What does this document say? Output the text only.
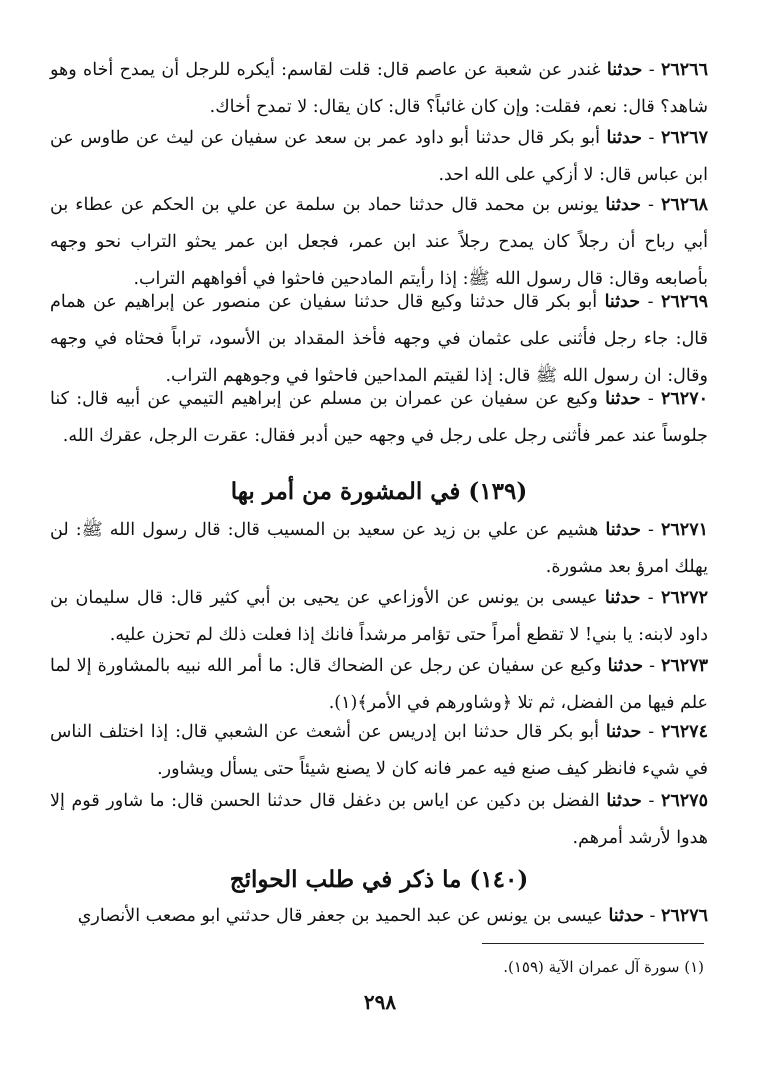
٢٦٢٦٦ - حدثنا غندر عن شعبة عن عاصم قال: قلت لقاسم: أيكره للرجل أن يمدح أخاه وهو شاهد؟ قال: نعم، فقلت: وإن كان غائباً؟ قال: كان يقال: لا تمدح أخاك.
٢٦٢٦٧ - حدثنا أبو بكر قال حدثنا أبو داود عمر بن سعد عن سفيان عن ليث عن طاوس عن ابن عباس قال: لا أزكي على الله احد.
٢٦٢٦٨ - حدثنا يونس بن محمد قال حدثنا حماد بن سلمة عن علي بن الحكم عن عطاء بن أبي رباح أن رجلاً كان يمدح رجلاً عند ابن عمر، فجعل ابن عمر يحثو التراب نحو وجهه بأصابعه وقال: قال رسول الله ﷺ: إذا رأيتم المادحين فاحثوا في أفواههم التراب.
٢٦٢٦٩ - حدثنا أبو بكر قال حدثنا وكيع قال حدثنا سفيان عن منصور عن إبراهيم عن همام قال: جاء رجل فأثنى على عثمان في وجهه فأخذ المقداد بن الأسود، تراباً فحثاه في وجهه وقال: ان رسول الله ﷺ قال: إذا لقيتم المداحين فاحثوا في وجوههم التراب.
٢٦٢٧٠ - حدثنا وكيع عن سفيان عن عمران بن مسلم عن إبراهيم التيمي عن أبيه قال: كنا جلوساً عند عمر فأثنى رجل على رجل في وجهه حين أدبر فقال: عقرت الرجل، عقرك الله.
(١٣٩) في المشورة من أمر بها
٢٦٢٧١ - حدثنا هشيم عن علي بن زيد عن سعيد بن المسيب قال: قال رسول الله ﷺ: لن يهلك امرؤ بعد مشورة.
٢٦٢٧٢ - حدثنا عيسى بن يونس عن الأوزاعي عن يحيى بن أبي كثير قال: قال سليمان بن داود لابنه: يا بني! لا تقطع أمراً حتى تؤامر مرشداً فانك إذا فعلت ذلك لم تحزن عليه.
٢٦٢٧٣ - حدثنا وكيع عن سفيان عن رجل عن الضحاك قال: ما أمر الله نبيه بالمشاورة إلا لما علم فيها من الفضل، ثم تلا ﴿وشاورهم في الأمر﴾(١).
٢٦٢٧٤ - حدثنا أبو بكر قال حدثنا ابن إدريس عن أشعث عن الشعبي قال: إذا اختلف الناس في شيء فانظر كيف صنع فيه عمر فانه كان لا يصنع شيئاً حتى يسأل ويشاور.
٢٦٢٧٥ - حدثنا الفضل بن دكين عن اياس بن دغفل قال حدثنا الحسن قال: ما شاور قوم إلا هدوا لأرشد أمرهم.
(١٤٠) ما ذكر في طلب الحوائج
٢٦٢٧٦ - حدثنا عيسى بن يونس عن عبد الحميد بن جعفر قال حدثني ابو مصعب الأنصاري
(١) سورة آل عمران الآية (١٥٩).
٢٩٨
